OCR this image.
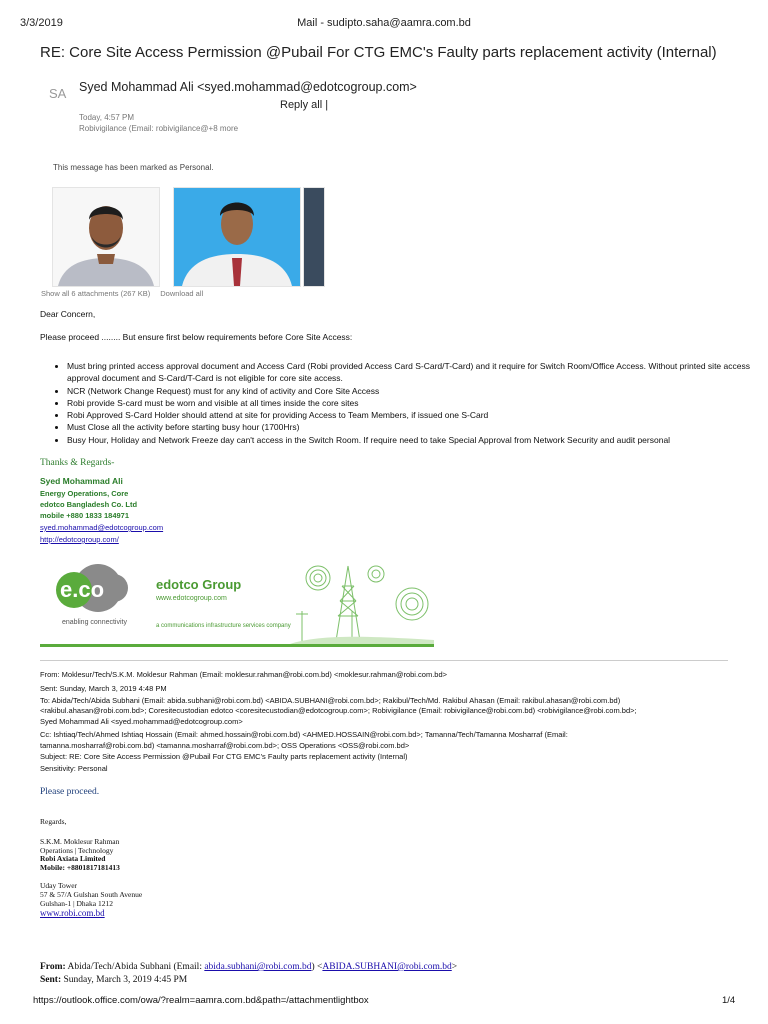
3/3/2019	Mail - sudipto.saha@aamra.com.bd
RE: Core Site Access Permission @Pubail For CTG EMC's Faulty parts replacement activity (Internal)
SA Syed Mohammad Ali <syed.mohammad@edotcogroup.com>
Reply all |
Today, 4:57 PM
Robivigilance (Email: robivigilance@+8 more
This message has been marked as Personal.
Show all 6 attachments (267 KB) Download all
Dear Concern,
Please proceed ........ But ensure first below requirements before Core Site Access:
• Must bring printed access approval document and Access Card (Robi provided Access Card S-Card/T-Card) and it require for Switch Room/Office Access. Without printed site access approval document and S-Card/T-Card is not eligible for core site access.
• NCR (Network Change Request) must for any kind of activity and Core Site Access
• Robi provide S-card must be worn and visible at all times inside the core sites
• Robi Approved S-Card Holder should attend at site for providing Access to Team Members, if issued one S-Card
• Must Close all the activity before starting busy hour (1700Hrs)
• Busy Hour, Holiday and Network Freeze day can't access in the Switch Room. If require need to take Special Approval from Network Security and audit personal
Thanks & Regards-
Syed Mohammad Ali
Energy Operations, Core
edotco Bangladesh Co. Ltd
mobile +880 1833 184971
syed.mohammad@edotcogroup.com
http://edotcogroup.com/
e.co
enabling connectivity
edotco Group
www.edotcogroup.com
a communications infrastructure services company
From: Moklesur/Tech/S.K.M. Moklesur Rahman (Email: moklesur.rahman@robi.com.bd) <moklesur.rahman@robi.com.bd>
Sent: Sunday, March 3, 2019 4:48 PM
To: Abida/Tech/Abida Subhani (Email: abida.subhani@robi.com.bd) <ABIDA.SUBHANI@robi.com.bd>; Rakibul/Tech/Md. Rakibul Ahasan (Email: rakibul.ahasan@robi.com.bd)
<rakibul.ahasan@robi.com.bd>; Coresitecustodian edotco <coresitecustodian@edotcogroup.com>; Robivigilance (Email: robivigilance@robi.com.bd) <robivigilance@robi.com.bd>;
Syed Mohammad Ali <syed.mohammad@edotcogroup.com>
Cc: Ishtiaq/Tech/Ahmed Ishtiaq Hossain (Email: ahmed.hossain@robi.com.bd) <AHMED.HOSSAIN@robi.com.bd>; Tamanna/Tech/Tamanna Mosharraf (Email:
tamanna.mosharraf@robi.com.bd) <tamanna.mosharraf@robi.com.bd>; OSS Operations <OSS@robi.com.bd>
Subject: RE: Core Site Access Permission @Pubail For CTG EMC's Faulty parts replacement activity (Internal)
Sensitivity: Personal
Please proceed.
Regards,
S.K.M. Moklesur Rahman
Operations | Technology
Robi Axiata Limited
Mobile: +8801817181413
Uday Tower
57 & 57/A Gulshan South Avenue
Gulshan-1 | Dhaka 1212
www.robi.com.bd
From: Abida/Tech/Abida Subhani (Email: abida.subhani@robi.com.bd) <ABIDA.SUBHANI@robi.com.bd>
Sent: Sunday, March 3, 2019 4:45 PM
https://outlook.office.com/owa/?realm=aamra.com.bd&path=/attachmentlightbox	1/4
